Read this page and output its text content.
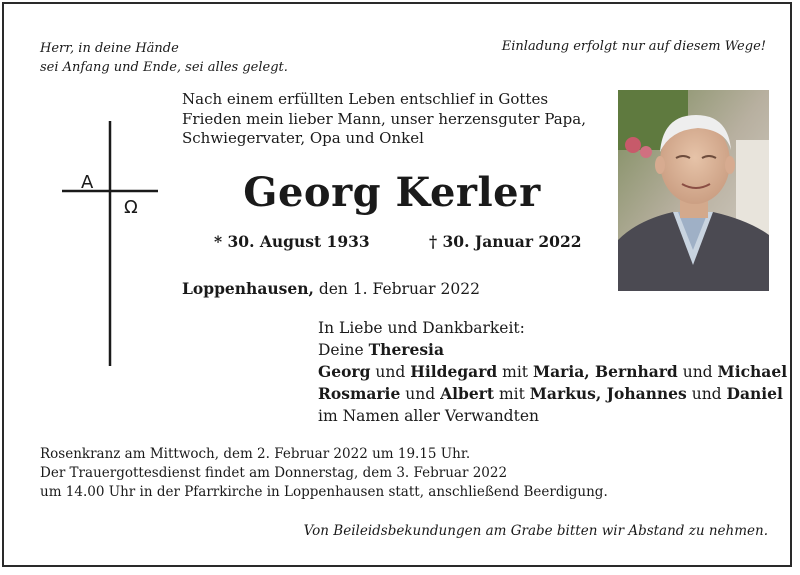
Herr, in deine Hände
sei Anfang und Ende, sei alles gelegt.
Einladung erfolgt nur auf diesem Wege!
A
Ω
Nach einem erfüllten Leben entschlief in Gottes
Frieden mein lieber Mann, unser herzensguter Papa,
Schwiegervater, Opa und Onkel
Georg Kerler
* 30. August 1933	† 30. Januar 2022
Loppenhausen, den 1. Februar 2022
In Liebe und Dankbarkeit:
Deine Theresia
Georg und Hildegard mit Maria, Bernhard und Michael
Rosmarie und Albert mit Markus, Johannes und Daniel
im Namen aller Verwandten
Rosenkranz am Mittwoch, dem 2. Februar 2022 um 19.15 Uhr.
Der Trauergottesdienst findet am Donnerstag, dem 3. Februar 2022
um 14.00 Uhr in der Pfarrkirche in Loppenhausen statt, anschließend Beerdigung.
Von Beileidsbekundungen am Grabe bitten wir Abstand zu nehmen.
